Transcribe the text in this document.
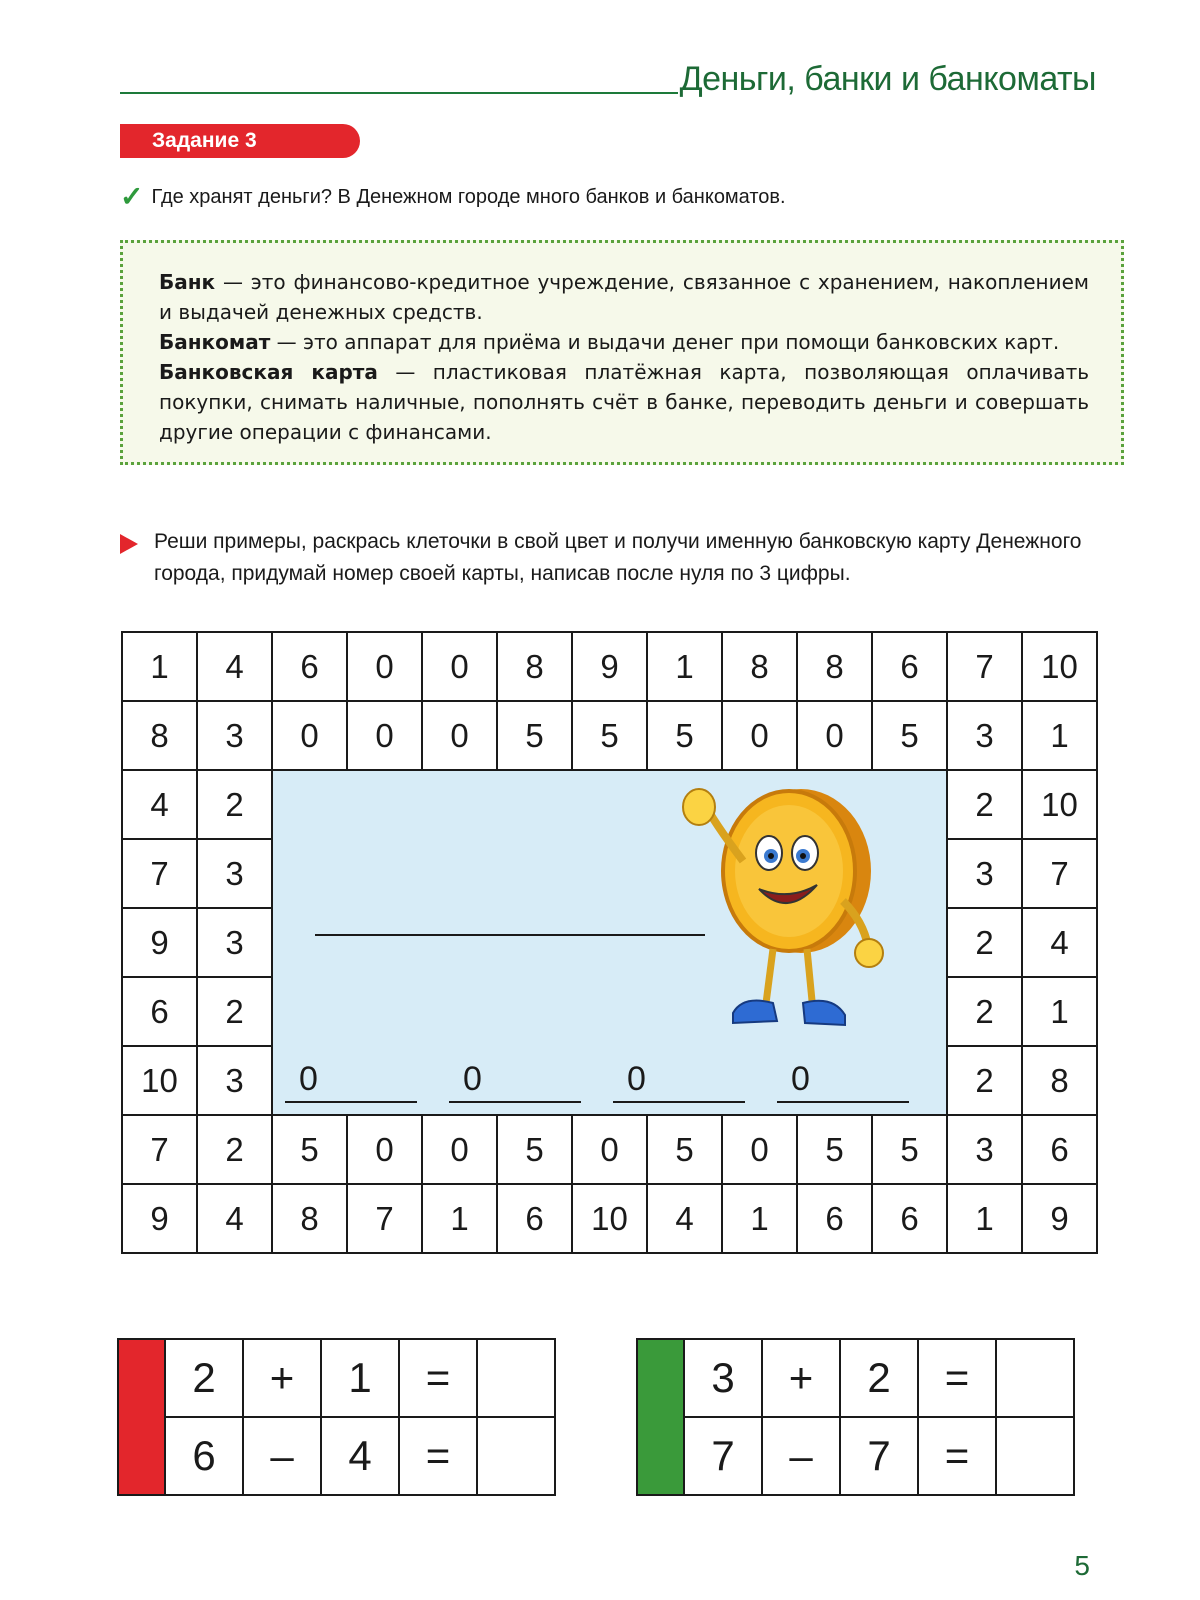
Деньги, банки и банкоматы
Задание 3
✓ Где хранят деньги? В Денежном городе много банков и банкоматов.

Банк — это финансово-кредитное учреждение, связанное с хранением, накоплением и выдачей денежных средств.

Банкомат — это аппарат для приёма и выдачи денег при помощи банковских карт.

Банковская карта — пластиковая платёжная карта, позволяющая оплачивать покупки, снимать наличные, пополнять счёт в банке, переводить деньги и совершать другие операции с финансами.

Реши примеры, раскрась клеточки в свой цвет и получи именную банковскую карту Денежного города, придумай номер своей карты, написав после нуля по 3 цифры.
1	4	6	0	0	8	9	1	8	8	6	7	10
8	3	0	0	0	5	5	5	0	0	5	3	1
4	2	0 0 0 0									2	10
7	3										3	7
9	3										2	4
6	2										2	1
10	3										2	8
7	2	5	0	0	5	0	5	0	5	5	3	6
9	4	8	7	1	6	10	4	1	6	6	1	9
	2	+	1	=	
	6	–	4	=	
	3	+	2	=	
	7	–	7	=	
5
